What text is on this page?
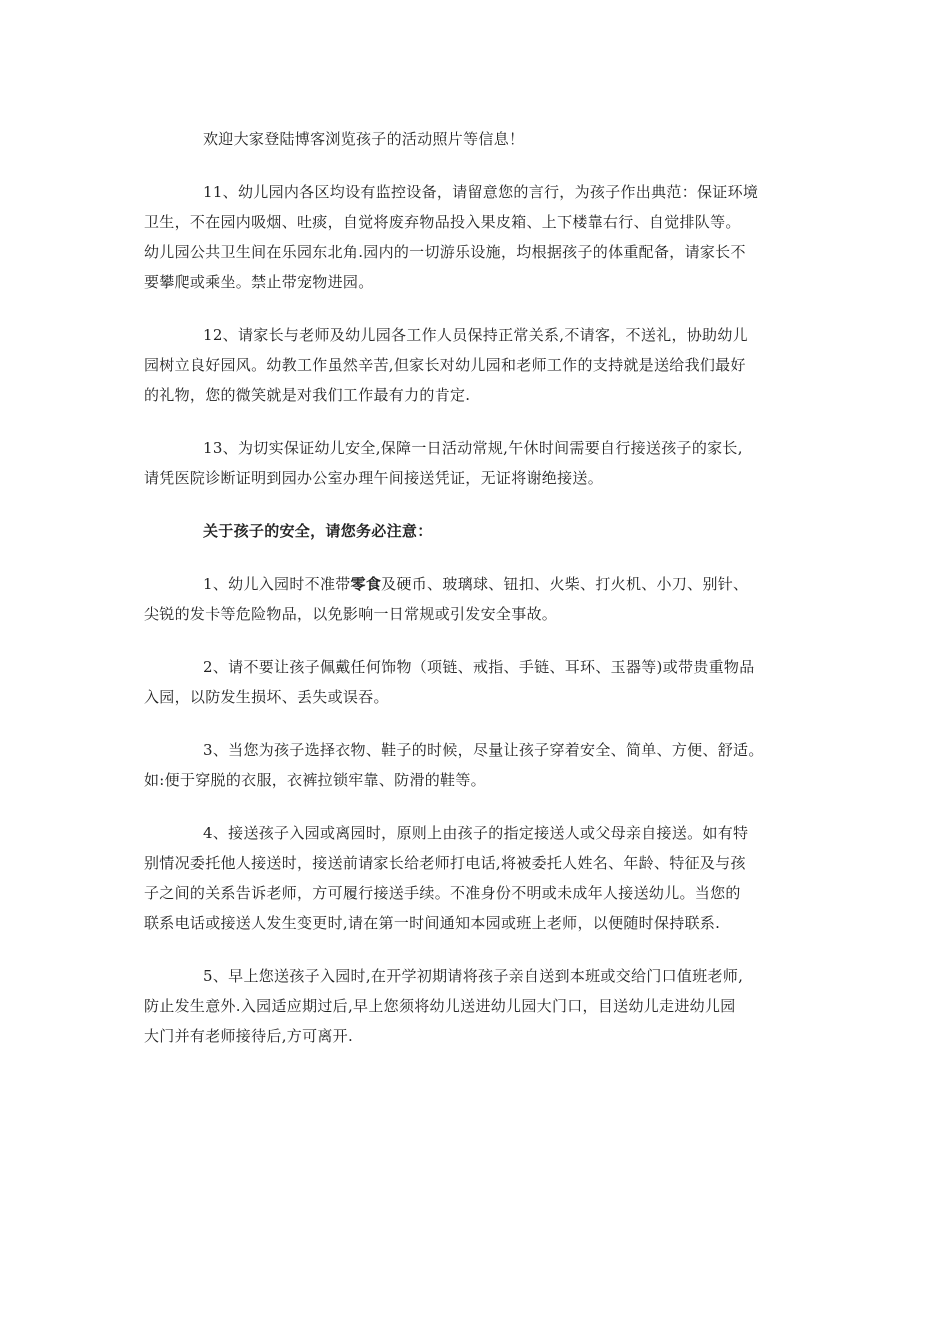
欢迎大家登陆博客浏览孩子的活动照片等信息！

11、幼儿园内各区均设有监控设备，请留意您的言行，为孩子作出典范：保证环境
卫生，不在园内吸烟、吐痰，自觉将废弃物品投入果皮箱、上下楼靠右行、自觉排队等。
幼儿园公共卫生间在乐园东北角.园内的一切游乐设施，均根据孩子的体重配备，请家长不
要攀爬或乘坐。禁止带宠物进园。

12、请家长与老师及幼儿园各工作人员保持正常关系,不请客，不送礼，协助幼儿
园树立良好园风。幼教工作虽然辛苦,但家长对幼儿园和老师工作的支持就是送给我们最好
的礼物，您的微笑就是对我们工作最有力的肯定.

13、为切实保证幼儿安全,保障一日活动常规,午休时间需要自行接送孩子的家长,
请凭医院诊断证明到园办公室办理午间接送凭证，无证将谢绝接送。

关于孩子的安全，请您务必注意：

1、幼儿入园时不准带零食及硬币、玻璃球、钮扣、火柴、打火机、小刀、别针、
尖锐的发卡等危险物品，以免影响一日常规或引发安全事故。

2、请不要让孩子佩戴任何饰物（项链、戒指、手链、耳环、玉器等)或带贵重物品
入园，以防发生损坏、丢失或误吞。

3、当您为孩子选择衣物、鞋子的时候，尽量让孩子穿着安全、简单、方便、舒适。
如:便于穿脱的衣服，衣裤拉锁牢靠、防滑的鞋等。

4、接送孩子入园或离园时，原则上由孩子的指定接送人或父母亲自接送。如有特
别情况委托他人接送时，接送前请家长给老师打电话,将被委托人姓名、年龄、特征及与孩
子之间的关系告诉老师，方可履行接送手续。不准身份不明或未成年人接送幼儿。当您的
联系电话或接送人发生变更时,请在第一时间通知本园或班上老师，以便随时保持联系.

5、早上您送孩子入园时,在开学初期请将孩子亲自送到本班或交给门口值班老师,
防止发生意外.入园适应期过后,早上您须将幼儿送进幼儿园大门口，目送幼儿走进幼儿园
大门并有老师接待后,方可离开.
